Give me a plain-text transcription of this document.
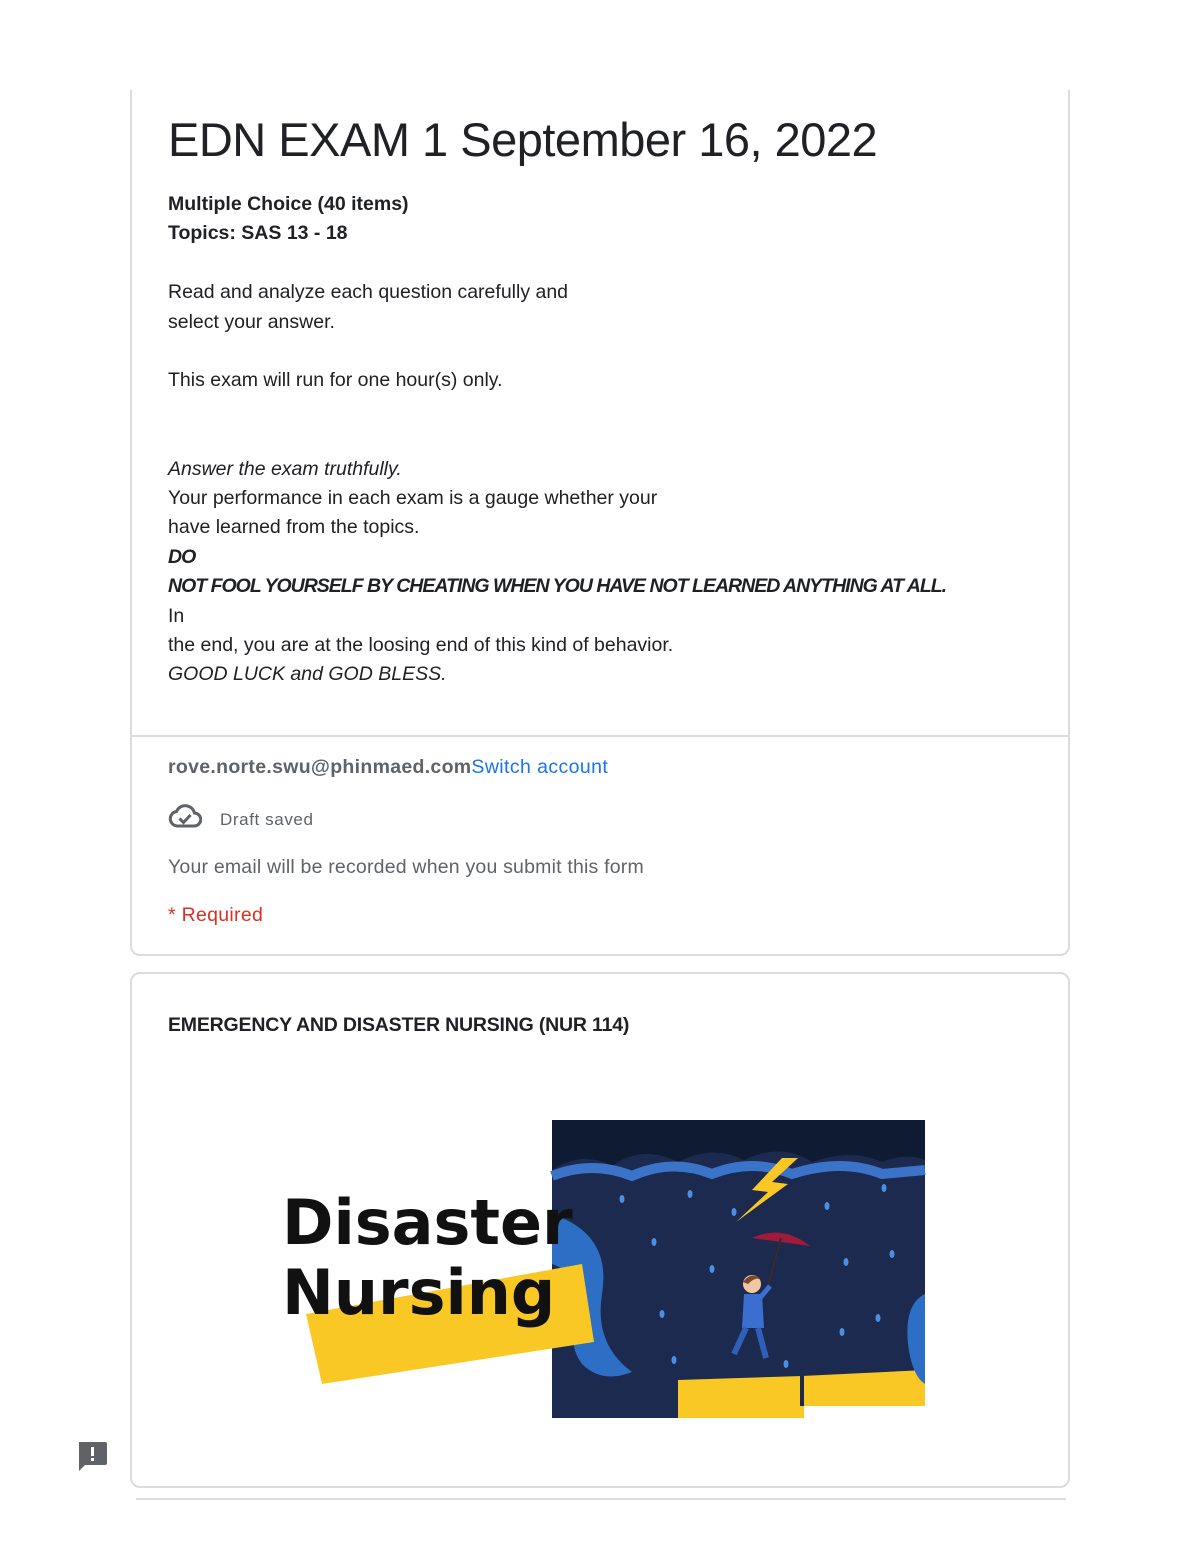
EDN EXAM 1 September 16, 2022
Multiple Choice (40 items)
Topics: SAS 13 - 18
Read and analyze each question carefully and
select your answer.
This exam will run for one hour(s) only.
Answer the exam truthfully.
Your performance in each exam is a gauge whether your
have learned from the topics.
DO
NOT FOOL YOURSELF BY CHEATING WHEN YOU HAVE NOT LEARNED ANYTHING AT ALL.
In
the end, you are at the loosing end of this kind of behavior.
GOOD LUCK and GOD BLESS.
rove.norte.swu@phinmaed.comSwitch account
Draft saved
Your email will be recorded when you submit this form
* Required
EMERGENCY AND DISASTER NURSING (NUR 114)
Disaster
Nursing
